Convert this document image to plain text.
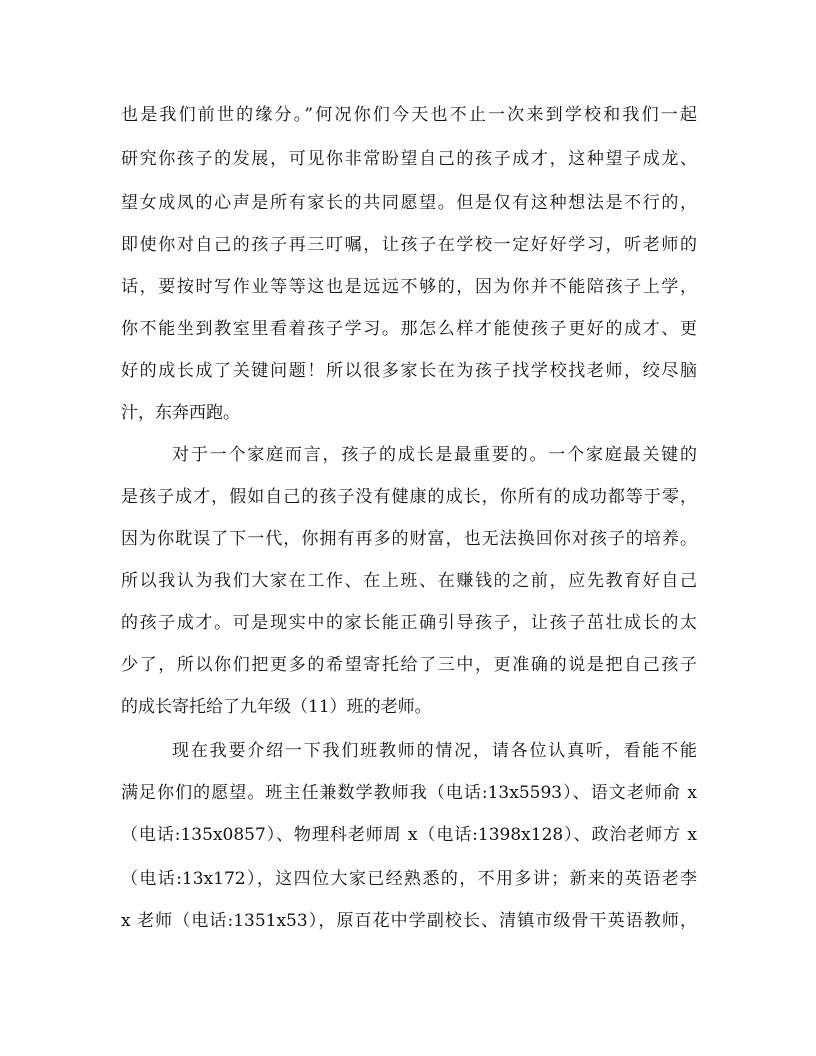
也是我们前世的缘分。”何况你们今天也不止一次来到学校和我们一起
研究你孩子的发展，可见你非常盼望自己的孩子成才，这种望子成龙、
望女成凤的心声是所有家长的共同愿望。但是仅有这种想法是不行的，
即使你对自己的孩子再三叮嘱，让孩子在学校一定好好学习，听老师的
话，要按时写作业等等这也是远远不够的，因为你并不能陪孩子上学，
你不能坐到教室里看着孩子学习。那怎么样才能使孩子更好的成才、更
好的成长成了关键问题！所以很多家长在为孩子找学校找老师，绞尽脑
汁，东奔西跑。
对于一个家庭而言，孩子的成长是最重要的。一个家庭最关键的
是孩子成才，假如自己的孩子没有健康的成长，你所有的成功都等于零，
因为你耽误了下一代，你拥有再多的财富，也无法换回你对孩子的培养。
所以我认为我们大家在工作、在上班、在赚钱的之前，应先教育好自己
的孩子成才。可是现实中的家长能正确引导孩子，让孩子茁壮成长的太
少了，所以你们把更多的希望寄托给了三中，更准确的说是把自己孩子
的成长寄托给了九年级（11）班的老师。
现在我要介绍一下我们班教师的情况，请各位认真听，看能不能
满足你们的愿望。班主任兼数学教师我（电话:13x5593）、语文老师俞 x
（电话:135x0857）、物理科老师周 x（电话:1398x128）、政治老师方 x
（电话:13x172），这四位大家已经熟悉的，不用多讲；新来的英语老李
x 老师（电话:1351x53），原百花中学副校长、清镇市级骨干英语教师，
